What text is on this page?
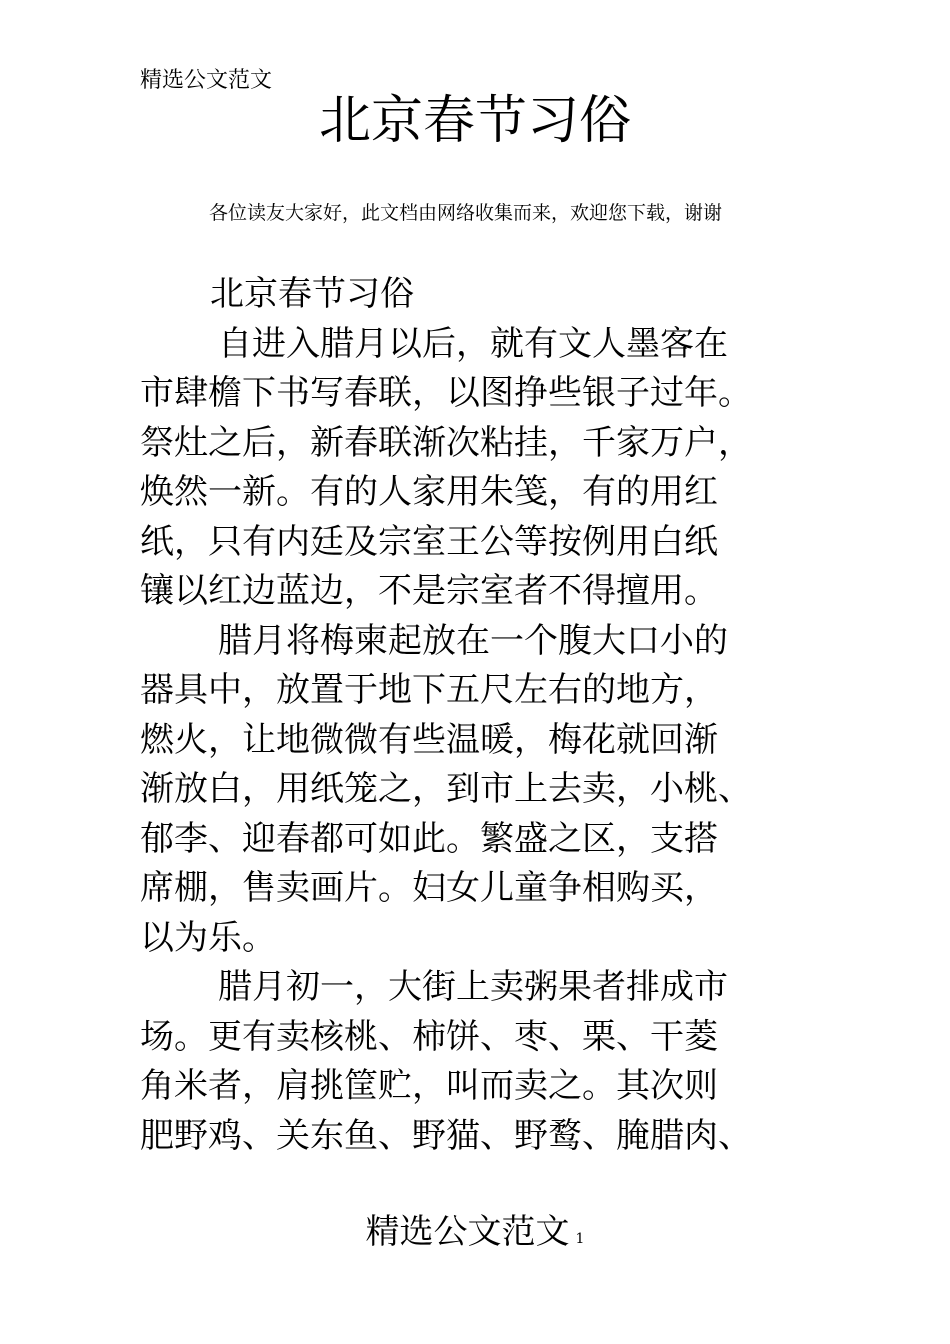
精选公文范文
北京春节习俗
各位读友大家好，此文档由网络收集而来，欢迎您下载，谢谢
北京春节习俗
自进入腊月以后，就有文人墨客在
市肆檐下书写春联，以图挣些银子过年。
祭灶之后，新春联渐次粘挂，千家万户，
焕然一新。有的人家用朱笺，有的用红
纸，只有内廷及宗室王公等按例用白纸
镶以红边蓝边，不是宗室者不得擅用。
腊月将梅柬起放在一个腹大口小的
器具中，放置于地下五尺左右的地方，
燃火，让地微微有些温暖，梅花就回渐
渐放白，用纸笼之，到市上去卖，小桃、
郁李、迎春都可如此。繁盛之区，支搭
席棚，售卖画片。妇女儿童争相购买，
以为乐。
腊月初一，大街上卖粥果者排成市
场。更有卖核桃、柿饼、枣、栗、干菱
角米者，肩挑筐贮，叫而卖之。其次则
肥野鸡、关东鱼、野猫、野鹜、腌腊肉、
精选公文范文 1
